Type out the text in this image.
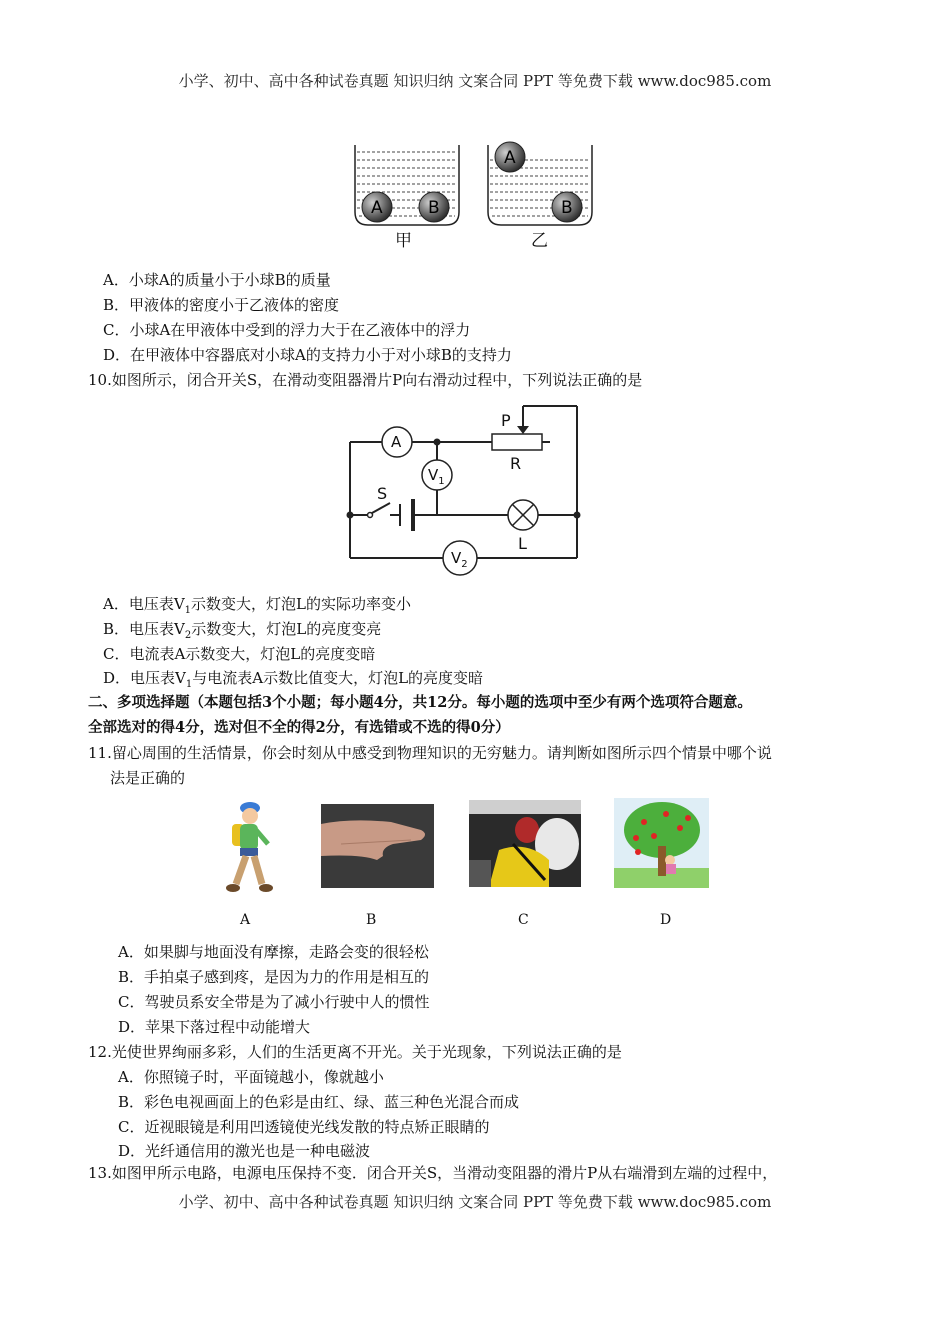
小学、初中、高中各种试卷真题 知识归纳 文案合同 PPT 等免费下载 www.doc985.com
A	B
A
B
甲	乙
A．小球A的质量小于小球B的质量
B．甲液体的密度小于乙液体的密度
C．小球A在甲液体中受到的浮力大于在乙液体中的浮力
D．在甲液体中容器底对小球A的支持力小于对小球B的支持力
10.如图所示，闭合开关S，在滑动变阻器滑片P向右滑动过程中，下列说法正确的是
A
$V_1$
$V_2$
S
P
R
L
A．电压表$V_1$示数变大，灯泡L的实际功率变小
B．电压表$V_2$示数变大，灯泡L的亮度变亮
C．电流表A示数变大，灯泡L的亮度变暗
D．电压表$V_1$与电流表A示数比值变大，灯泡L的亮度变暗
二、多项选择题（本题包括3个小题；每小题4分，共12分。每小题的选项中至少有两个选项符合题意。
全部选对的得4分，选对但不全的得2分，有选错或不选的得0分）
11.留心周围的生活情景，你会时刻从中感受到物理知识的无穷魅力。请判断如图所示四个情景中哪个说
法是正确的
A	B	C	D
A．如果脚与地面没有摩擦，走路会变的很轻松
B．手拍桌子感到疼，是因为力的作用是相互的
C．驾驶员系安全带是为了减小行驶中人的惯性
D．苹果下落过程中动能增大
12.光使世界绚丽多彩，人们的生活更离不开光。关于光现象，下列说法正确的是
A．你照镜子时，平面镜越小，像就越小
B．彩色电视画面上的色彩是由红、绿、蓝三种色光混合而成
C．近视眼镜是利用凹透镜使光线发散的特点矫正眼睛的
D．光纤通信用的激光也是一种电磁波
13.如图甲所示电路，电源电压保持不变．闭合开关S，当滑动变阻器的滑片P从右端滑到左端的过程中，
小学、初中、高中各种试卷真题 知识归纳 文案合同 PPT 等免费下载 www.doc985.com
